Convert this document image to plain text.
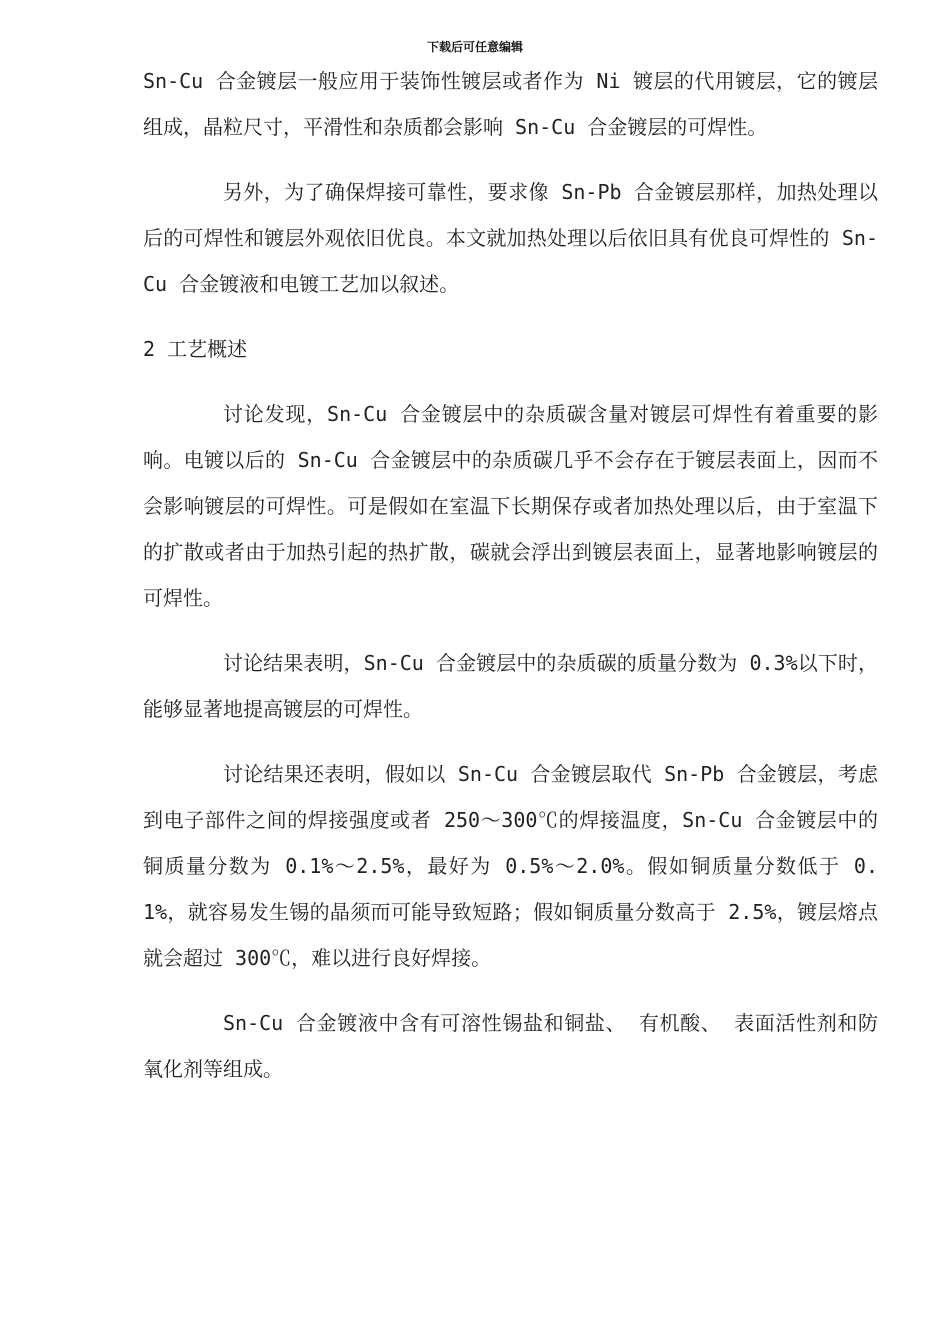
下载后可任意编辑

Sn-Cu 合金镀层一般应用于装饰性镀层或者作为 Ni 镀层的代用镀层，它的镀层组成，晶粒尺寸，平滑性和杂质都会影响 Sn-Cu 合金镀层的可焊性。

另外，为了确保焊接可靠性，要求像 Sn-Pb 合金镀层那样，加热处理以后的可焊性和镀层外观依旧优良。本文就加热处理以后依旧具有优良可焊性的 Sn-Cu 合金镀液和电镀工艺加以叙述。

2 工艺概述

讨论发现，Sn-Cu 合金镀层中的杂质碳含量对镀层可焊性有着重要的影响。电镀以后的 Sn-Cu 合金镀层中的杂质碳几乎不会存在于镀层表面上，因而不会影响镀层的可焊性。可是假如在室温下长期保存或者加热处理以后，由于室温下的扩散或者由于加热引起的热扩散，碳就会浮出到镀层表面上，显著地影响镀层的可焊性。

讨论结果表明，Sn-Cu 合金镀层中的杂质碳的质量分数为 0.3%以下时，能够显著地提高镀层的可焊性。

讨论结果还表明，假如以 Sn-Cu 合金镀层取代 Sn-Pb 合金镀层，考虑到电子部件之间的焊接强度或者 250～300℃的焊接温度，Sn-Cu 合金镀层中的铜质量分数为 0.1%～2.5%，最好为 0.5%～2.0%。假如铜质量分数低于 0.1%，就容易发生锡的晶须而可能导致短路；假如铜质量分数高于 2.5%，镀层熔点就会超过 300℃，难以进行良好焊接。

Sn-Cu 合金镀液中含有可溶性锡盐和铜盐、 有机酸、 表面活性剂和防氧化剂等组成。
